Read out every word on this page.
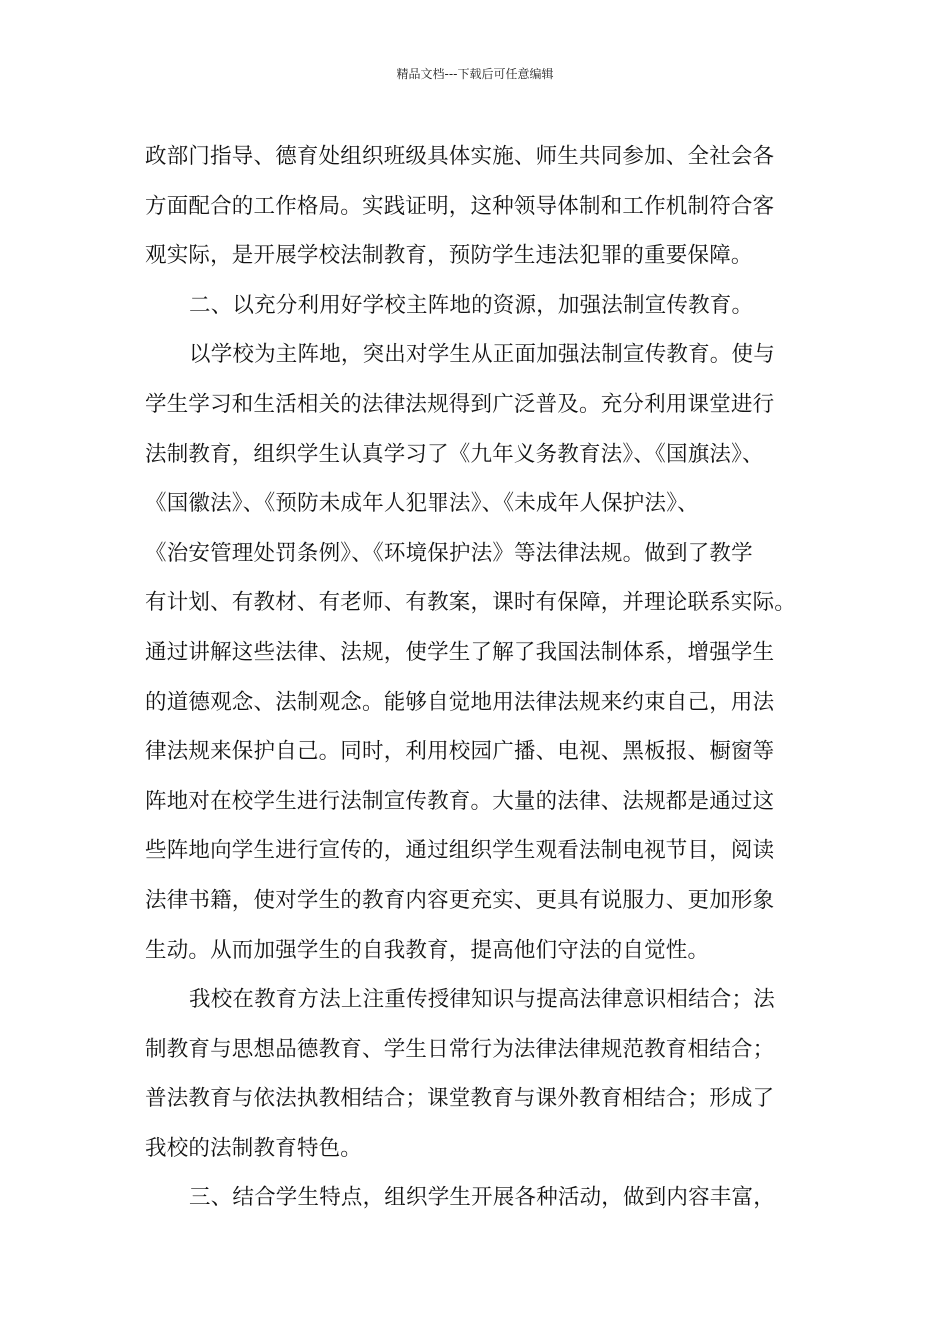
精品文档---下载后可任意编辑
政部门指导、德育处组织班级具体实施、师生共同参加、全社会各
方面配合的工作格局。实践证明，这种领导体制和工作机制符合客
观实际，是开展学校法制教育，预防学生违法犯罪的重要保障。
二、以充分利用好学校主阵地的资源，加强法制宣传教育。
以学校为主阵地，突出对学生从正面加强法制宣传教育。使与
学生学习和生活相关的法律法规得到广泛普及。充分利用课堂进行
法制教育，组织学生认真学习了《九年义务教育法》、《国旗法》、
《国徽法》、《预防未成年人犯罪法》、《未成年人保护法》、
《治安管理处罚条例》、《环境保护法》等法律法规。做到了教学
有计划、有教材、有老师、有教案，课时有保障，并理论联系实际。
通过讲解这些法律、法规，使学生了解了我国法制体系，增强学生
的道德观念、法制观念。能够自觉地用法律法规来约束自己，用法
律法规来保护自己。同时，利用校园广播、电视、黑板报、橱窗等
阵地对在校学生进行法制宣传教育。大量的法律、法规都是通过这
些阵地向学生进行宣传的，通过组织学生观看法制电视节目，阅读
法律书籍，使对学生的教育内容更充实、更具有说服力、更加形象
生动。从而加强学生的自我教育，提高他们守法的自觉性。
我校在教育方法上注重传授律知识与提高法律意识相结合；法
制教育与思想品德教育、学生日常行为法律法律规范教育相结合；
普法教育与依法执教相结合；课堂教育与课外教育相结合；形成了
我校的法制教育特色。
三、结合学生特点，组织学生开展各种活动，做到内容丰富，
